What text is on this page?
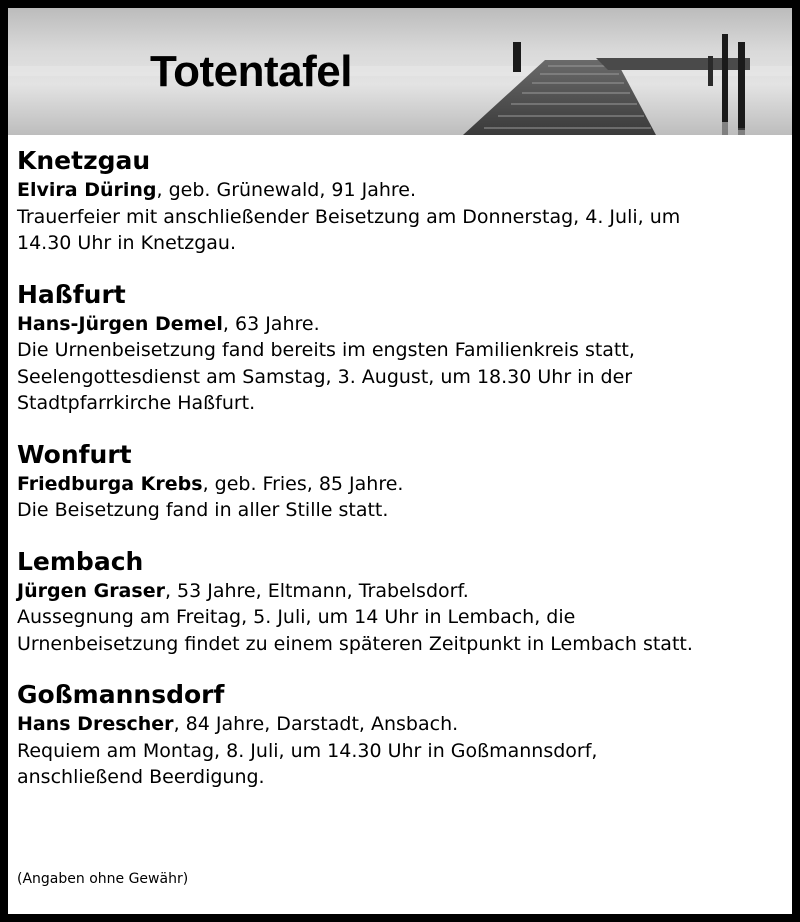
Totentafel
Knetzgau
Elvira Düring, geb. Grünewald, 91 Jahre.
Trauerfeier mit anschließender Beisetzung am Donnerstag, 4. Juli, um
14.30 Uhr in Knetzgau.
Haßfurt
Hans-Jürgen Demel, 63 Jahre.
Die Urnenbeisetzung fand bereits im engsten Familienkreis statt,
Seelengottesdienst am Samstag, 3. August, um 18.30 Uhr in der
Stadtpfarrkirche Haßfurt.
Wonfurt
Friedburga Krebs, geb. Fries, 85 Jahre.
Die Beisetzung fand in aller Stille statt.
Lembach
Jürgen Graser, 53 Jahre, Eltmann, Trabelsdorf.
Aussegnung am Freitag, 5. Juli, um 14 Uhr in Lembach, die
Urnenbeisetzung findet zu einem späteren Zeitpunkt in Lembach statt.
Goßmannsdorf
Hans Drescher, 84 Jahre, Darstadt, Ansbach.
Requiem am Montag, 8. Juli, um 14.30 Uhr in Goßmannsdorf,
anschließend Beerdigung.
(Angaben ohne Gewähr)
